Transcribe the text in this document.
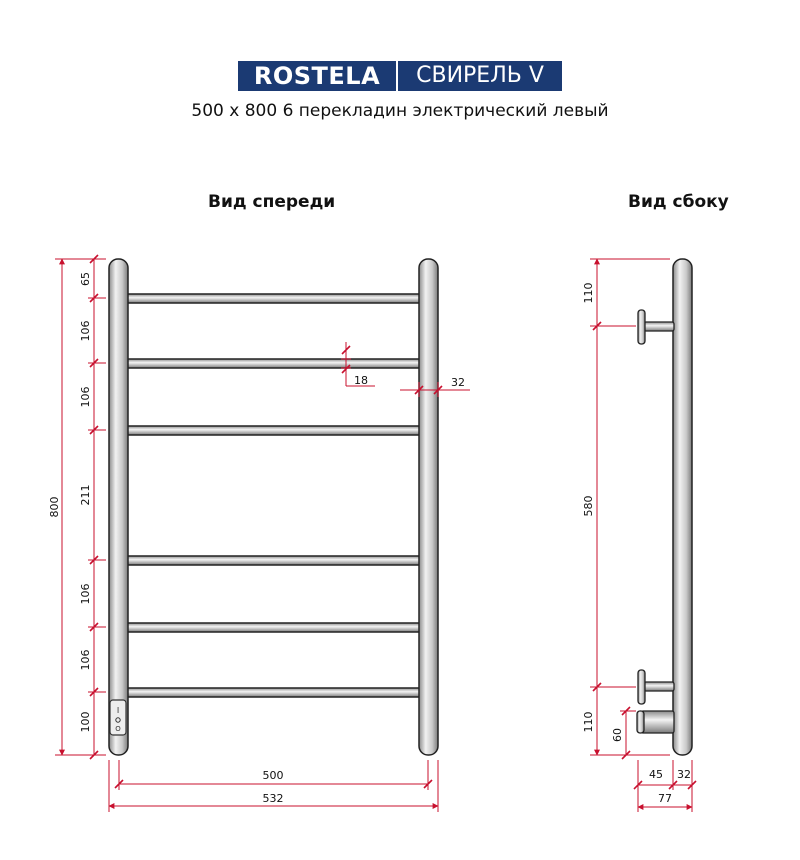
ROSTELA	СВИРЕЛЬ V
500 x 800 6 перекладин электрический левый
Вид спереди	Вид сбоку
I
O
800
65
106
106
211
106
106
100
18	32
500
532
110
580
110
60
45 32
77
